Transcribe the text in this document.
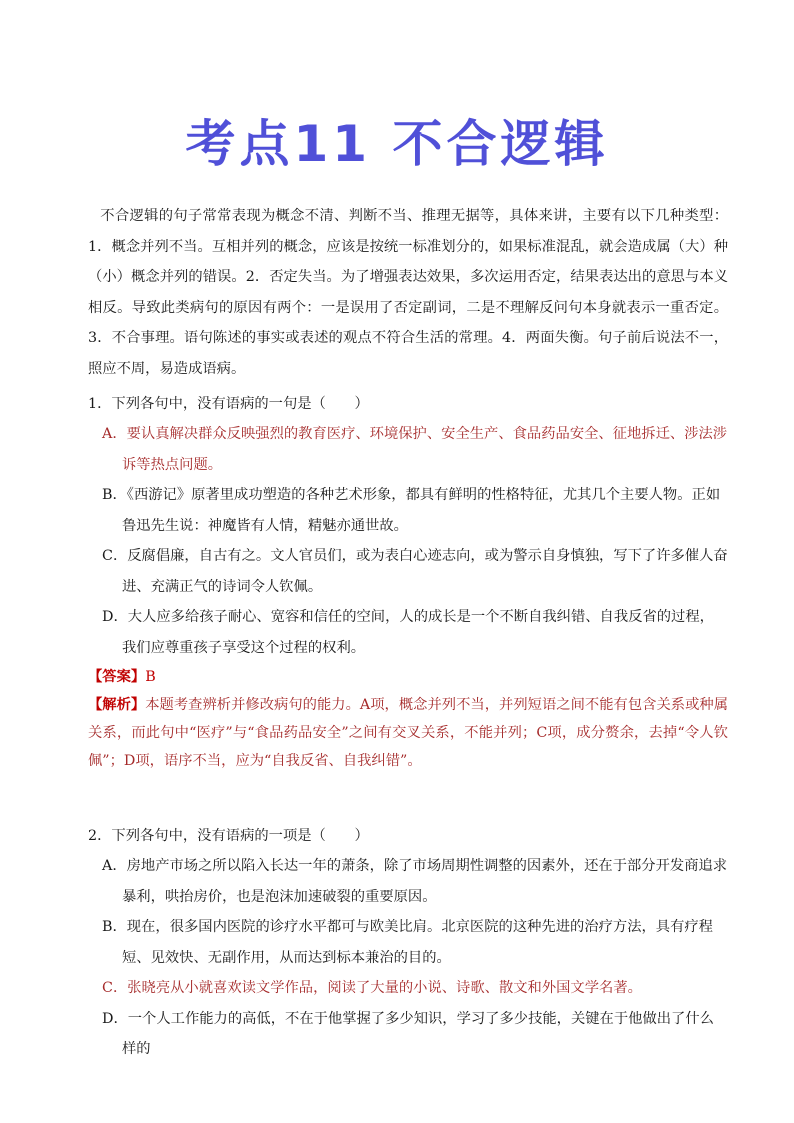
考点11 不合逻辑
不合逻辑的句子常常表现为概念不清、判断不当、推理无据等，具体来讲，主要有以下几种类型：1．概念并列不当。互相并列的概念，应该是按统一标准划分的，如果标准混乱，就会造成属（大）种（小）概念并列的错误。2．否定失当。为了增强表达效果，多次运用否定，结果表达出的意思与本义相反。导致此类病句的原因有两个：一是误用了否定副词，二是不理解反问句本身就表示一重否定。3．不合事理。语句陈述的事实或表述的观点不符合生活的常理。4．两面失衡。句子前后说法不一，照应不周，易造成语病。
1．下列各句中，没有语病的一句是（　　）
A．要认真解决群众反映强烈的教育医疗、环境保护、安全生产、食品药品安全、征地拆迁、涉法涉诉等热点问题。
B．《西游记》原著里成功塑造的各种艺术形象，都具有鲜明的性格特征，尤其几个主要人物。正如鲁迅先生说：神魔皆有人情，精魅亦通世故。
C．反腐倡廉，自古有之。文人官员们，或为表白心迹志向，或为警示自身慎独，写下了许多催人奋进、充满正气的诗词令人钦佩。
D．大人应多给孩子耐心、宽容和信任的空间，人的成长是一个不断自我纠错、自我反省的过程，我们应尊重孩子享受这个过程的权利。
【答案】B
【解析】本题考查辨析并修改病句的能力。A项，概念并列不当，并列短语之间不能有包含关系或种属关系，而此句中“医疗”与“食品药品安全”之间有交叉关系，不能并列；C项，成分赘余，去掉“令人钦佩”；D项，语序不当，应为“自我反省、自我纠错”。
2．下列各句中，没有语病的一项是（　　）
A．房地产市场之所以陷入长达一年的萧条，除了市场周期性调整的因素外，还在于部分开发商追求暴利，哄抬房价，也是泡沫加速破裂的重要原因。
B．现在，很多国内医院的诊疗水平都可与欧美比肩。北京医院的这种先进的治疗方法，具有疗程短、见效快、无副作用，从而达到标本兼治的目的。
C．张晓亮从小就喜欢读文学作品，阅读了大量的小说、诗歌、散文和外国文学名著。
D．一个人工作能力的高低，不在于他掌握了多少知识，学习了多少技能，关键在于他做出了什么样的
